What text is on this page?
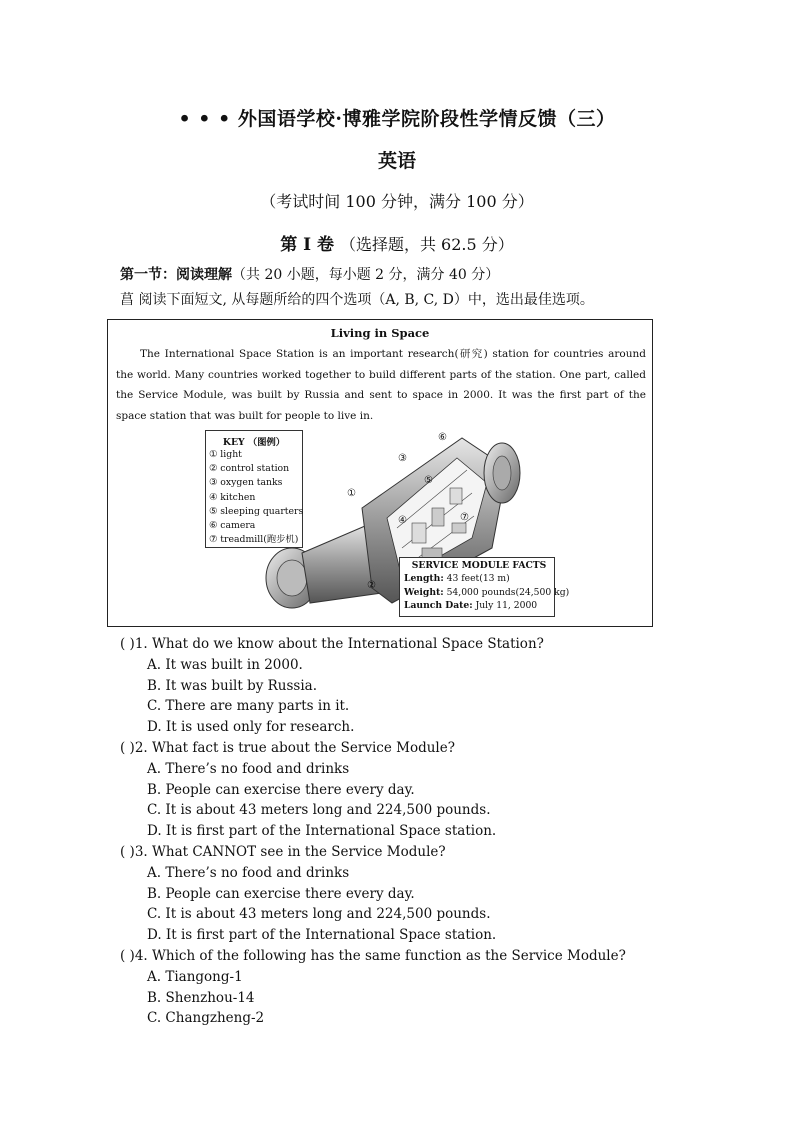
• • • 外国语学校·博雅学院阶段性学情反馈（三）
英语
（考试时间 100 分钟，满分 100 分）
第 I 卷 （选择题，共 62.5 分）
第一节：阅读理解（共 20 小题，每小题 2 分，满分 40 分）
菖 阅读下面短文, 从每题所给的四个选项（A, B, C, D）中，选出最佳选项。
Living in Space
The International Space Station is an important research(研究) station for countries around the world. Many countries worked together to build different parts of the station. One part, called the Service Module, was built by Russia and sent to space in 2000. It was the first part of the space station that was built for people to live in.
①
②
③
④
⑤
⑥
⑦
KEY （图例）
① light
② control station
③ oxygen tanks
④ kitchen
⑤ sleeping quarters
⑥ camera
⑦ treadmill(跑步机)
SERVICE MODULE FACTS
Length: 43 feet(13 m)
Weight: 54,000 pounds(24,500 kg)
Launch Date: July 11, 2000
( )1. What do we know about the International Space Station?
A. It was built in 2000.
B. It was built by Russia.
C. There are many parts in it.
D. It is used only for research.
( )2. What fact is true about the Service Module?
A. There’s no food and drinks
B. People can exercise there every day.
C. It is about 43 meters long and 224,500 pounds.
D. It is first part of the International Space station.
( )3. What CANNOT see in the Service Module?
A. There’s no food and drinks
B. People can exercise there every day.
C. It is about 43 meters long and 224,500 pounds.
D. It is first part of the International Space station.
( )4. Which of the following has the same function as the Service Module?
A. Tiangong-1
B. Shenzhou-14
C. Changzheng-2
